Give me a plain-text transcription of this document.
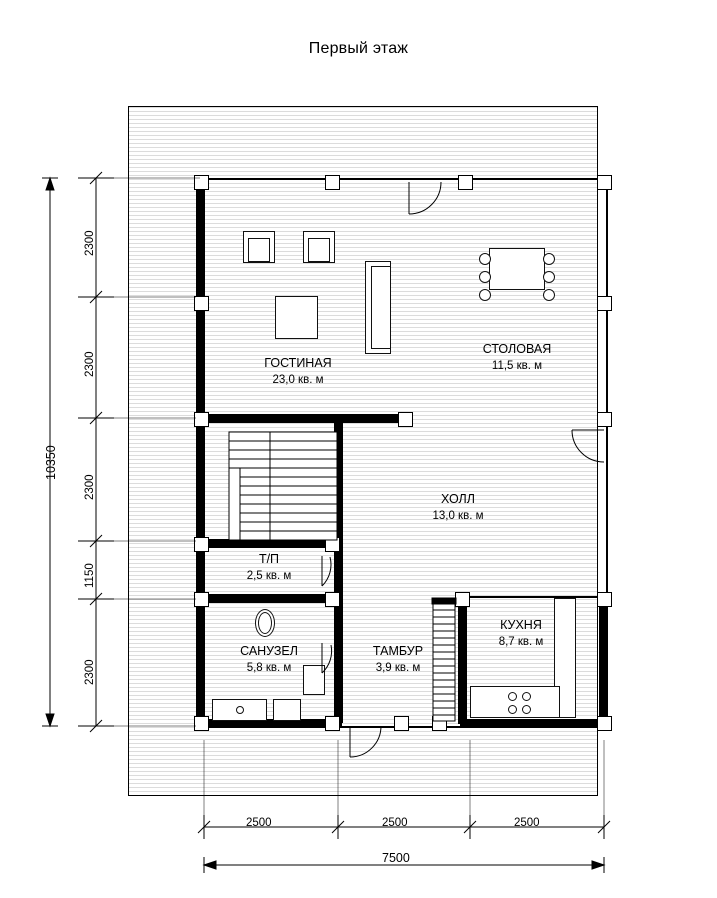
Первый этаж
ГОСТИНАЯ
23,0 кв. м
СТОЛОВАЯ
11,5 кв. м
ХОЛЛ
13,0 кв. м
Т/П
2,5 кв. м
САНУЗЕЛ
5,8 кв. м
ТАМБУР
3,9 кв. м
КУХНЯ
8,7 кв. м
2300
2300
2300
1150
2300
10350
2500	2500	2500
7500
